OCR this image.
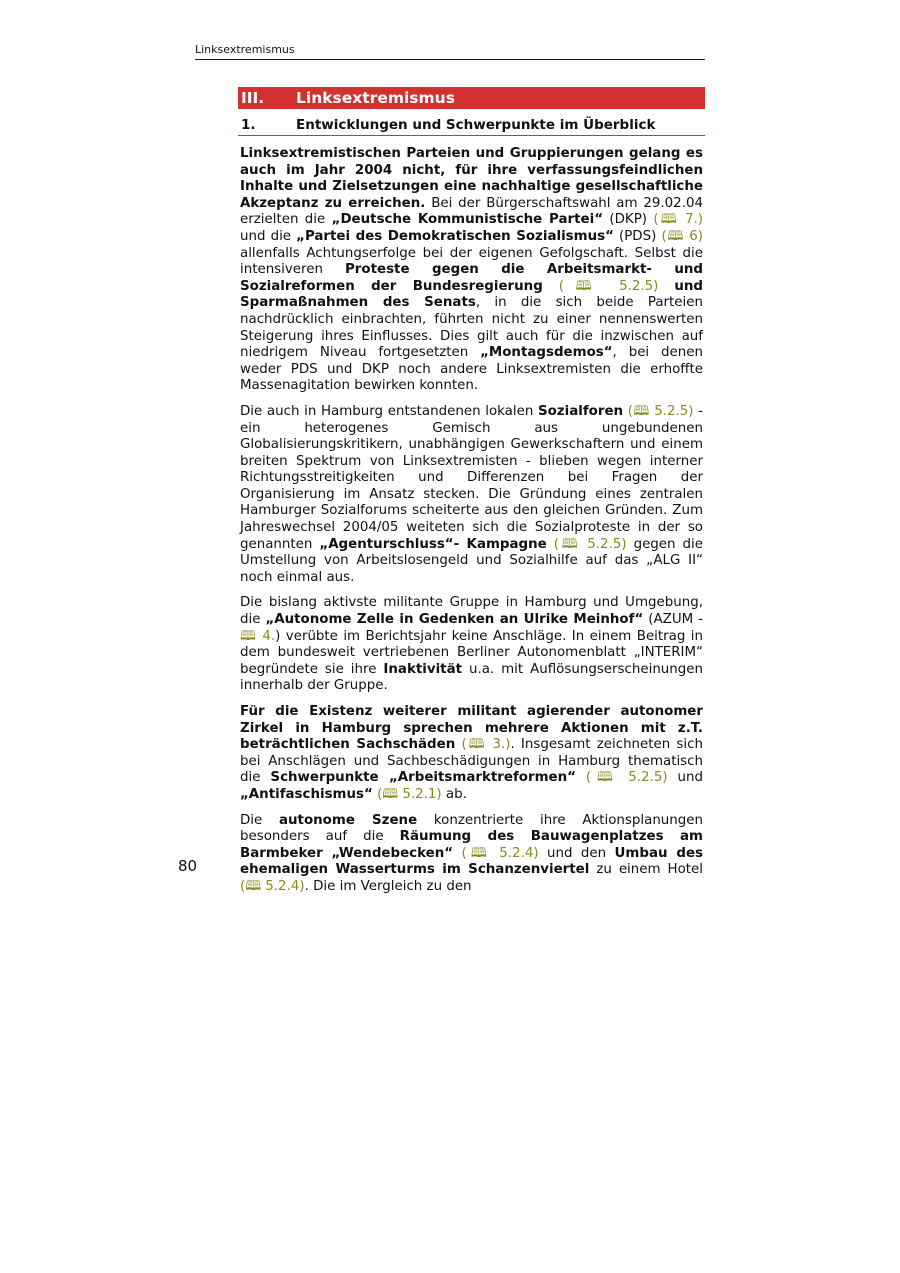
Linksextremismus
III.	Linksextremismus
1.	Entwicklungen und Schwerpunkte im Überblick

Linksextremistischen Parteien und Gruppierungen gelang es auch im Jahr 2004 nicht, für ihre verfassungsfeindlichen Inhalte und Zielsetzungen eine nachhaltige gesellschaftliche Akzeptanz zu erreichen. Bei der Bürgerschaftswahl am 29.02.04 erzielten die „Deutsche Kommunistische Partei“ (DKP) (🕮 7.) und die „Partei des Demokratischen Sozialismus“ (PDS) (🕮 6) allenfalls Achtungserfolge bei der eigenen Gefolgschaft. Selbst die intensiveren Proteste gegen die Arbeitsmarkt- und Sozialreformen der Bundesregierung (🕮 5.2.5) und Sparmaßnahmen des Senats, in die sich beide Parteien nachdrücklich einbrachten, führten nicht zu einer nennenswerten Steigerung ihres Einflusses. Dies gilt auch für die inzwischen auf niedrigem Niveau fortgesetzten „Montagsdemos“, bei denen weder PDS und DKP noch andere Linksextremisten die erhoffte Massenagitation bewirken konnten.

Die auch in Hamburg entstandenen lokalen Sozialforen (🕮 5.2.5) - ein heterogenes Gemisch aus ungebundenen Globalisierungskritikern, unabhängigen Gewerkschaftern und einem breiten Spektrum von Linksextremisten - blieben wegen interner Richtungsstreitigkeiten und Differenzen bei Fragen der Organisierung im Ansatz stecken. Die Gründung eines zentralen Hamburger Sozialforums scheiterte aus den gleichen Gründen. Zum Jahreswechsel 2004/05 weiteten sich die Sozialproteste in der so genannten „Agenturschluss“- Kampagne (🕮 5.2.5) gegen die Umstellung von Arbeitslosengeld und Sozialhilfe auf das „ALG II“ noch einmal aus.

Die bislang aktivste militante Gruppe in Hamburg und Umgebung, die „Autonome Zelle in Gedenken an Ulrike Meinhof“ (AZUM - 🕮 4.) verübte im Berichtsjahr keine Anschläge. In einem Beitrag in dem bundesweit vertriebenen Berliner Autonomenblatt „INTERIM“ begründete sie ihre Inaktivität u.a. mit Auflösungserscheinungen innerhalb der Gruppe.

Für die Existenz weiterer militant agierender autonomer Zirkel in Hamburg sprechen mehrere Aktionen mit z.T. beträchtlichen Sachschäden (🕮 3.). Insgesamt zeichneten sich bei Anschlägen und Sachbeschädigungen in Hamburg thematisch die Schwerpunkte „Arbeitsmarktreformen“ (🕮 5.2.5) und „Antifaschismus“ (🕮 5.2.1) ab.

Die autonome Szene konzentrierte ihre Aktionsplanungen besonders auf die Räumung des Bauwagenplatzes am Barmbeker „Wendebecken“ (🕮 5.2.4) und den Umbau des ehemaligen Wasserturms im Schanzenviertel zu einem Hotel (🕮 5.2.4). Die im Vergleich zu den

80
